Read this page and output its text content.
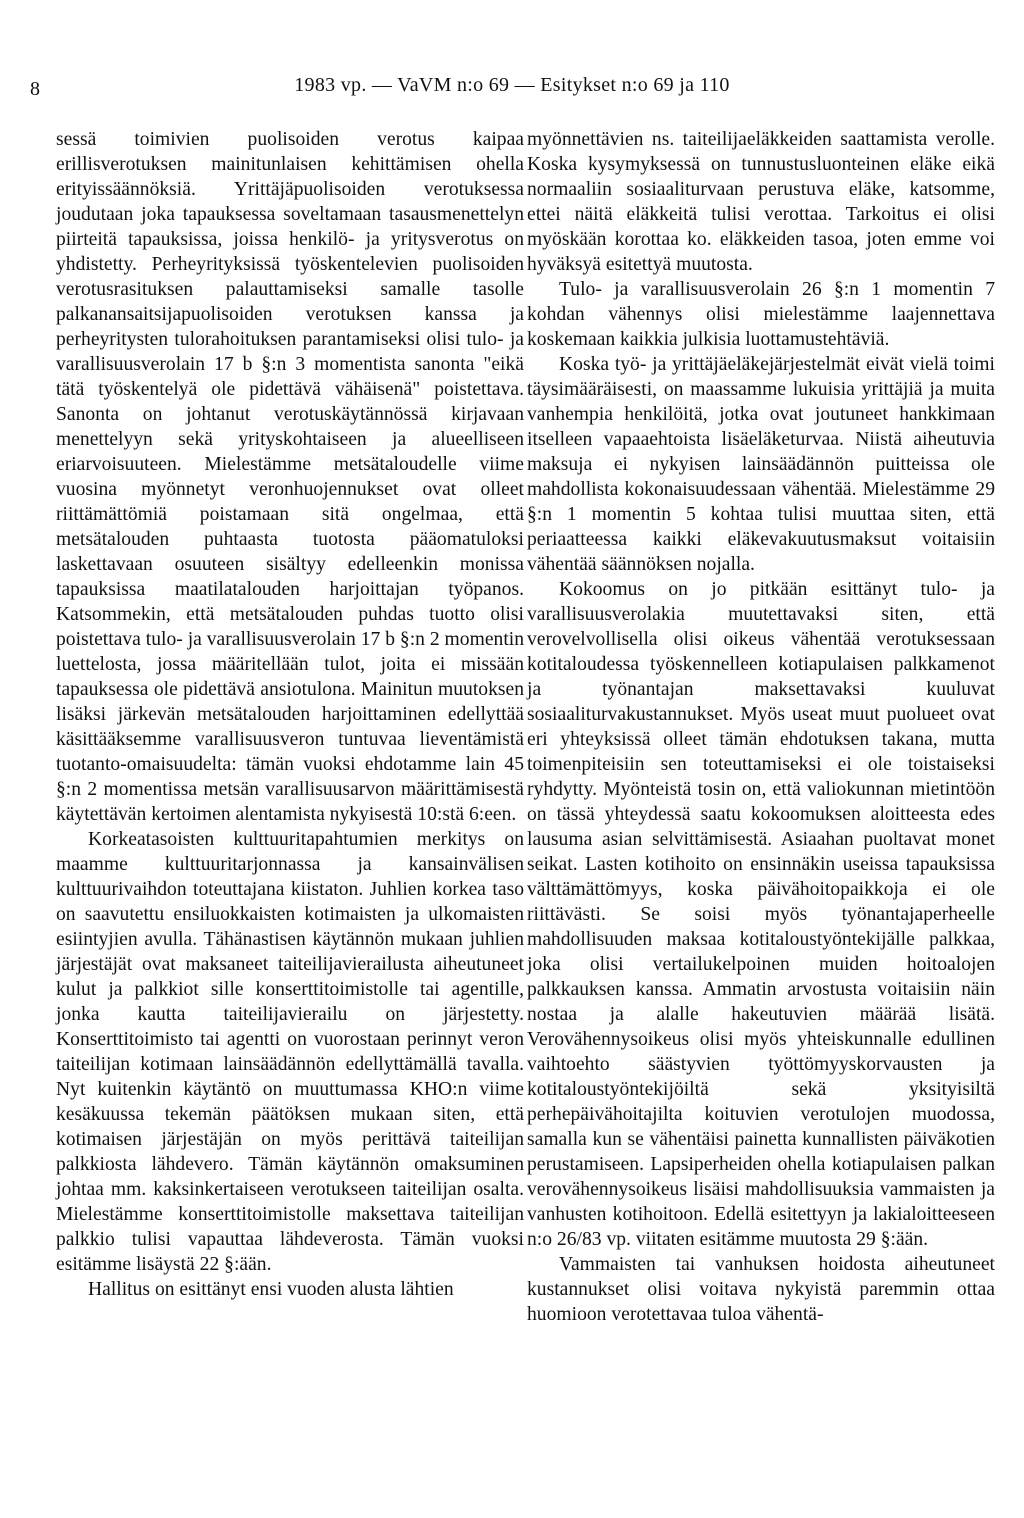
8	1983 vp. — VaVM n:o 69 — Esitykset n:o 69 ja 110

sessä toimivien puolisoiden verotus kaipaa erillisverotuksen mainitunlaisen kehittämisen ohella erityissäännöksiä. Yrittäjäpuolisoiden verotuksessa joudutaan joka tapauksessa soveltamaan tasausmenettelyn piirteitä tapauksissa, joissa henkilö- ja yritysverotus on yhdistetty. Perheyrityksissä työskentelevien puolisoiden verotusrasituksen palauttamiseksi samalle tasolle palkanansaitsijapuolisoiden verotuksen kanssa ja perheyritysten tulorahoituksen parantamiseksi olisi tulo- ja varallisuusverolain 17 b §:n 3 momentista sanonta "eikä tätä työskentelyä ole pidettävä vähäisenä" poistettava. Sanonta on johtanut verotuskäytännössä kirjavaan menettelyyn sekä yrityskohtaiseen ja alueelliseen eriarvoisuuteen. Mielestämme metsätaloudelle viime vuosina myönnetyt veronhuojennukset ovat olleet riittämättömiä poistamaan sitä ongelmaa, että metsätalouden puhtaasta tuotosta pääomatuloksi laskettavaan osuuteen sisältyy edelleenkin monissa tapauksissa maatilatalouden harjoittajan työpanos. Katsommekin, että metsätalouden puhdas tuotto olisi poistettava tulo- ja varallisuusverolain 17 b §:n 2 momentin luettelosta, jossa määritellään tulot, joita ei missään tapauksessa ole pidettävä ansiotulona. Mainitun muutoksen lisäksi järkevän metsätalouden harjoittaminen edellyttää käsittääksemme varallisuusveron tuntuvaa lieventämistä tuotanto-omaisuudelta: tämän vuoksi ehdotamme lain 45 §:n 2 momentissa metsän varallisuusarvon määrittämisestä käytettävän kertoimen alentamista nykyisestä 10:stä 6:een.

Korkeatasoisten kulttuuritapahtumien merkitys on maamme kulttuuritarjonnassa ja kansainvälisen kulttuurivaihdon toteuttajana kiistaton. Juhlien korkea taso on saavutettu ensiluokkaisten kotimaisten ja ulkomaisten esiintyjien avulla. Tähänastisen käytännön mukaan juhlien järjestäjät ovat maksaneet taiteilijavierailusta aiheutuneet kulut ja palkkiot sille konserttitoimistolle tai agentille, jonka kautta taiteilijavierailu on järjestetty. Konserttitoimisto tai agentti on vuorostaan perinnyt veron taiteilijan kotimaan lainsäädännön edellyttämällä tavalla. Nyt kuitenkin käytäntö on muuttumassa KHO:n viime kesäkuussa tekemän päätöksen mukaan siten, että kotimaisen järjestäjän on myös perittävä taiteilijan palkkiosta lähdevero. Tämän käytännön omaksuminen johtaa mm. kaksinkertaiseen verotukseen taiteilijan osalta. Mielestämme konserttitoimistolle maksettava taiteilijan palkkio tulisi vapauttaa lähdeverosta. Tämän vuoksi esitämme lisäystä 22 §:ään.

Hallitus on esittänyt ensi vuoden alusta lähtien

myönnettävien ns. taiteilijaeläkkeiden saattamista verolle. Koska kysymyksessä on tunnustusluonteinen eläke eikä normaaliin sosiaaliturvaan perustuva eläke, katsomme, ettei näitä eläkkeitä tulisi verottaa. Tarkoitus ei olisi myöskään korottaa ko. eläkkeiden tasoa, joten emme voi hyväksyä esitettyä muutosta.

Tulo- ja varallisuusverolain 26 §:n 1 momentin 7 kohdan vähennys olisi mielestämme laajennettava koskemaan kaikkia julkisia luottamustehtäviä.

Koska työ- ja yrittäjäeläkejärjestelmät eivät vielä toimi täysimääräisesti, on maassamme lukuisia yrittäjiä ja muita vanhempia henkilöitä, jotka ovat joutuneet hankkimaan itselleen vapaaehtoista lisäeläketurvaa. Niistä aiheutuvia maksuja ei nykyisen lainsäädännön puitteissa ole mahdollista kokonaisuudessaan vähentää. Mielestämme 29 §:n 1 momentin 5 kohtaa tulisi muuttaa siten, että periaatteessa kaikki eläkevakuutusmaksut voitaisiin vähentää säännöksen nojalla.

Kokoomus on jo pitkään esittänyt tulo- ja varallisuusverolakia muutettavaksi siten, että verovelvollisella olisi oikeus vähentää verotuksessaan kotitaloudessa työskennelleen kotiapulaisen palkkamenot ja työnantajan maksettavaksi kuuluvat sosiaaliturvakustannukset. Myös useat muut puolueet ovat eri yhteyksissä olleet tämän ehdotuksen takana, mutta toimenpiteisiin sen toteuttamiseksi ei ole toistaiseksi ryhdytty. Myönteistä tosin on, että valiokunnan mietintöön on tässä yhteydessä saatu kokoomuksen aloitteesta edes lausuma asian selvittämisestä. Asiaahan puoltavat monet seikat. Lasten kotihoito on ensinnäkin useissa tapauksissa välttämättömyys, koska päivähoitopaikkoja ei ole riittävästi. Se soisi myös työnantajaperheelle mahdollisuuden maksaa kotitaloustyöntekijälle palkkaa, joka olisi vertailukelpoinen muiden hoitoalojen palkkauksen kanssa. Ammatin arvostusta voitaisiin näin nostaa ja alalle hakeutuvien määrää lisätä. Verovähennysoikeus olisi myös yhteiskunnalle edullinen vaihtoehto säästyvien työttömyyskorvausten ja kotitaloustyöntekijöiltä sekä yksityisiltä perhepäivähoitajilta koituvien verotulojen muodossa, samalla kun se vähentäisi painetta kunnallisten päiväkotien perustamiseen. Lapsiperheiden ohella kotiapulaisen palkan verovähennysoikeus lisäisi mahdollisuuksia vammaisten ja vanhusten kotihoitoon. Edellä esitettyyn ja lakialoitteeseen n:o 26/83 vp. viitaten esitämme muutosta 29 §:ään.

Vammaisten tai vanhuksen hoidosta aiheutuneet kustannukset olisi voitava nykyistä paremmin ottaa huomioon verotettavaa tuloa vähentä-
